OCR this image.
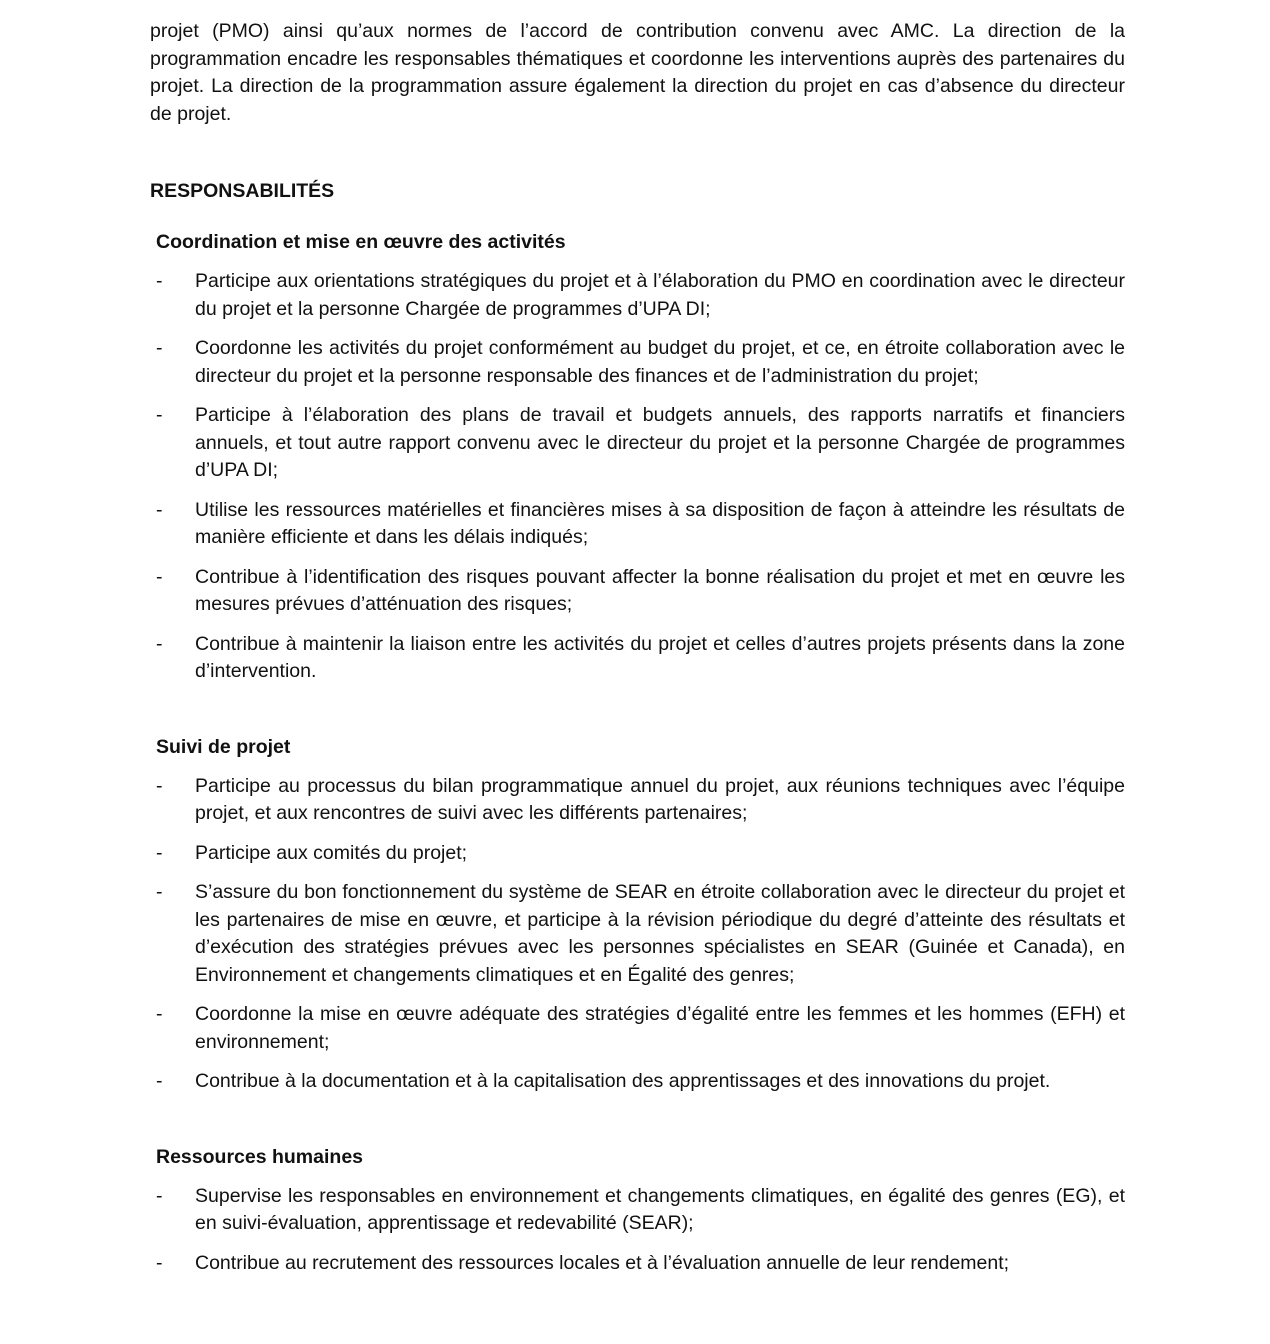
projet (PMO) ainsi qu’aux normes de l’accord de contribution convenu avec AMC. La direction de la programmation encadre les responsables thématiques et coordonne les interventions auprès des partenaires du projet. La direction de la programmation assure également la direction du projet en cas d’absence du directeur de projet.

RESPONSABILITÉS
Coordination et mise en œuvre des activités
- Participe aux orientations stratégiques du projet et à l’élaboration du PMO en coordination avec le directeur du projet et la personne Chargée de programmes d’UPA DI;
- Coordonne les activités du projet conformément au budget du projet, et ce, en étroite collaboration avec le directeur du projet et la personne responsable des finances et de l’administration du projet;
- Participe à l’élaboration des plans de travail et budgets annuels, des rapports narratifs et financiers annuels, et tout autre rapport convenu avec le directeur du projet et la personne Chargée de programmes d’UPA DI;
- Utilise les ressources matérielles et financières mises à sa disposition de façon à atteindre les résultats de manière efficiente et dans les délais indiqués;
- Contribue à l’identification des risques pouvant affecter la bonne réalisation du projet et met en œuvre les mesures prévues d’atténuation des risques;
- Contribue à maintenir la liaison entre les activités du projet et celles d’autres projets présents dans la zone d’intervention.
Suivi de projet
- Participe au processus du bilan programmatique annuel du projet, aux réunions techniques avec l’équipe projet, et aux rencontres de suivi avec les différents partenaires;
- Participe aux comités du projet;
- S’assure du bon fonctionnement du système de SEAR en étroite collaboration avec le directeur du projet et les partenaires de mise en œuvre, et participe à la révision périodique du degré d’atteinte des résultats et d’exécution des stratégies prévues avec les personnes spécialistes en SEAR (Guinée et Canada), en Environnement et changements climatiques et en Égalité des genres;
- Coordonne la mise en œuvre adéquate des stratégies d’égalité entre les femmes et les hommes (EFH) et environnement;
- Contribue à la documentation et à la capitalisation des apprentissages et des innovations du projet.
Ressources humaines
- Supervise les responsables en environnement et changements climatiques, en égalité des genres (EG), et en suivi-évaluation, apprentissage et redevabilité (SEAR);
- Contribue au recrutement des ressources locales et à l’évaluation annuelle de leur rendement;
